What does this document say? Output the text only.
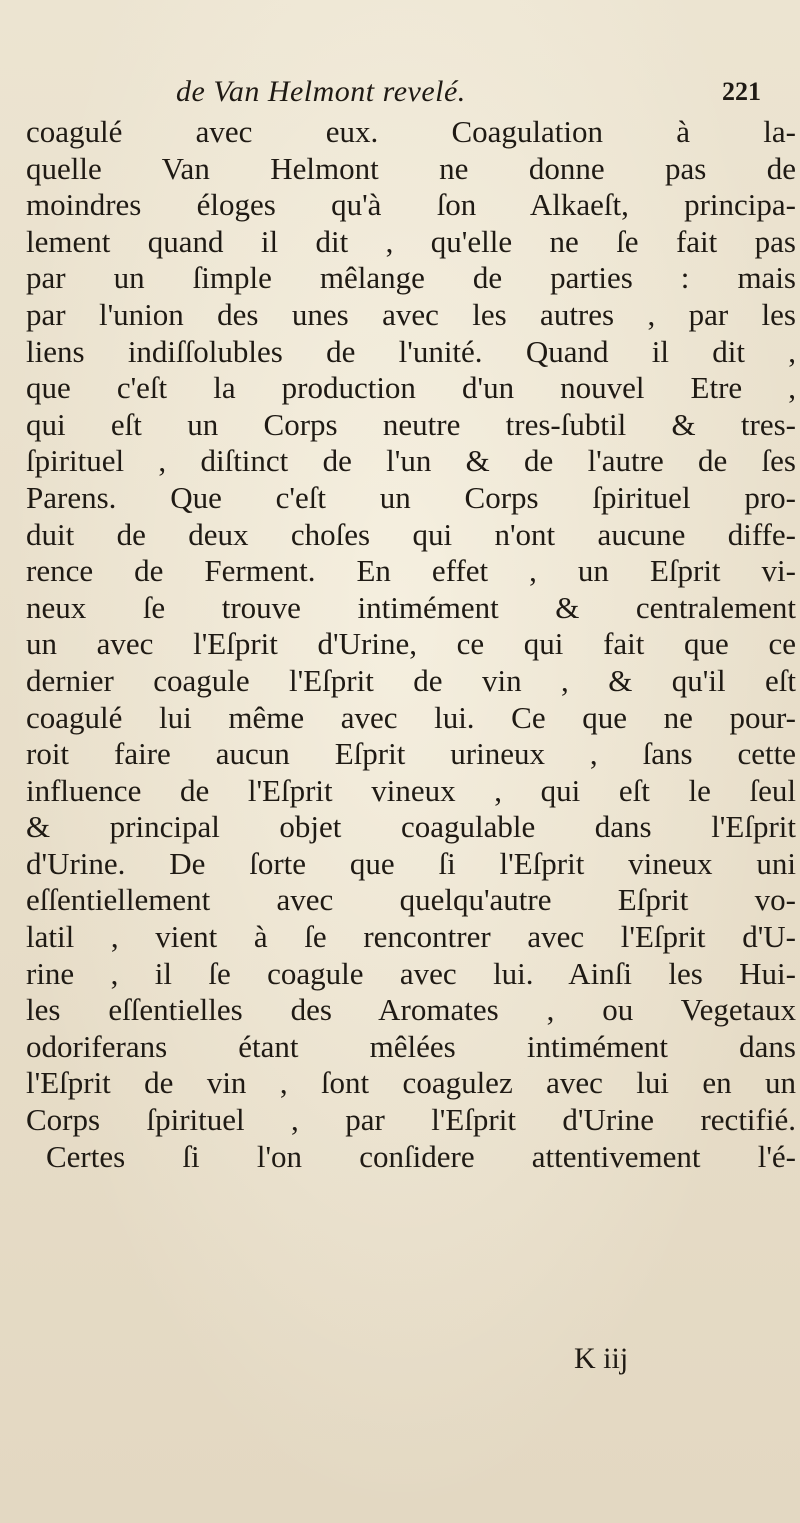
de Van Helmont revelé.	221
coagulé avec eux. Coagulation à la-
quelle Van Helmont ne donne pas de
moindres éloges qu'à ſon Alkaeſt, principa-
lement quand il dit , qu'elle ne ſe fait pas
par un ſimple mêlange de parties : mais
par l'union des unes avec les autres , par les
liens indiſſolubles de l'unité. Quand il dit ,
que c'eſt la production d'un nouvel Etre ,
qui eſt un Corps neutre tres-ſubtil & tres-
ſpirituel , diſtinct de l'un & de l'autre de ſes
Parens. Que c'eſt un Corps ſpirituel pro-
duit de deux choſes qui n'ont aucune diffe-
rence de Ferment. En effet , un Eſprit vi-
neux ſe trouve intimément & centralement
un avec l'Eſprit d'Urine, ce qui fait que ce
dernier coagule l'Eſprit de vin , & qu'il eſt
coagulé lui même avec lui. Ce que ne pour-
roit faire aucun Eſprit urineux , ſans cette
influence de l'Eſprit vineux , qui eſt le ſeul
& principal objet coagulable dans l'Eſprit
d'Urine. De ſorte que ſi l'Eſprit vineux uni
eſſentiellement avec quelqu'autre Eſprit vo-
latil , vient à ſe rencontrer avec l'Eſprit d'U-
rine , il ſe coagule avec lui. Ainſi les Hui-
les eſſentielles des Aromates , ou Vegetaux
odoriferans étant mêlées intimément dans
l'Eſprit de vin , ſont coagulez avec lui en un
Corps ſpirituel , par l'Eſprit d'Urine rectifié.
Certes ſi l'on conſidere attentivement l'é-
K iij
